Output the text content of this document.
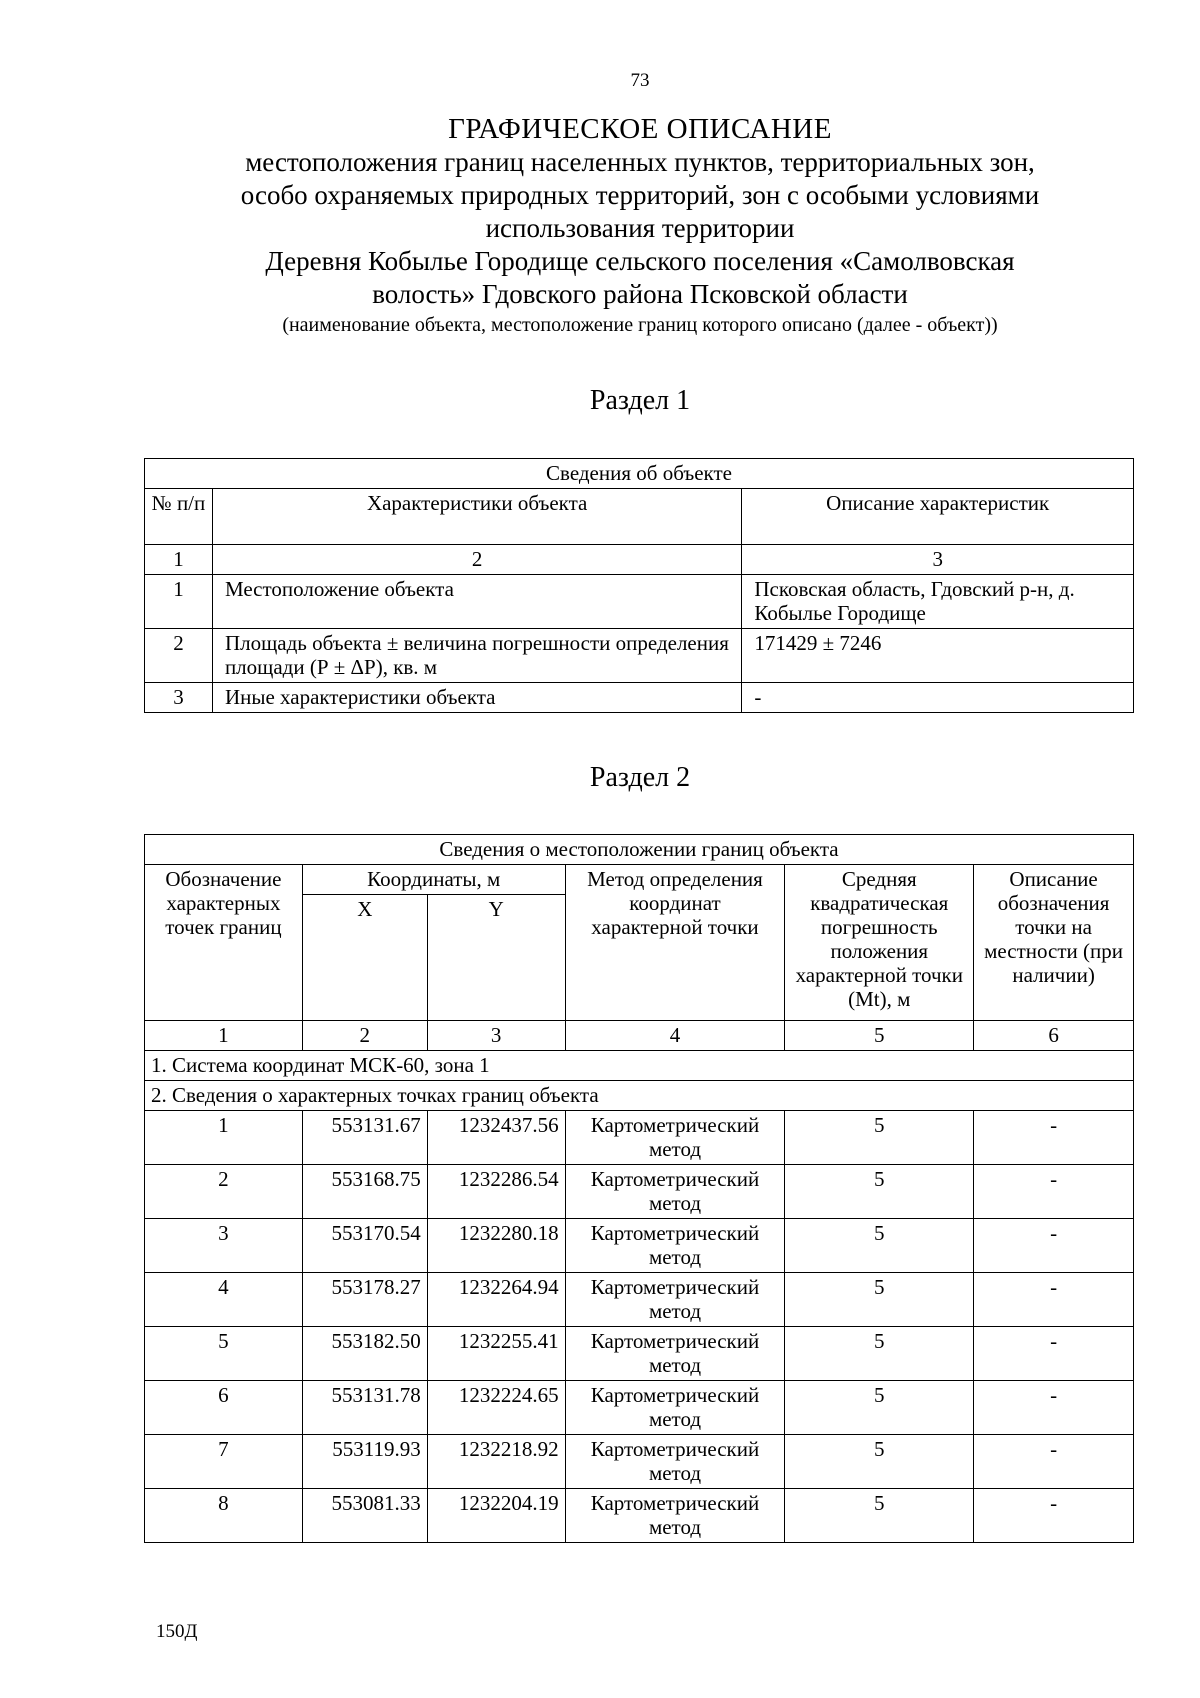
73
ГРАФИЧЕСКОЕ ОПИСАНИЕ
местоположения границ населенных пунктов, территориальных зон,
особо охраняемых природных территорий, зон с особыми условиями
использования территории
Деревня Кобылье Городище сельского поселения «Самолвовская
волость» Гдовского района Псковской области
(наименование объекта, местоположение границ которого описано (далее - объект))
Раздел 1
Сведения об объекте		
№ п/п	Характеристики объекта	Описание характеристик
1	2	3
1	Местоположение объекта	Псковская область, Гдовский р-н, д. Кобылье Городище
2	Площадь объекта ± величина погрешности определения площади (Р ± ΔР), кв. м	171429 ± 7246
3	Иные характеристики объекта	-
Раздел 2
Сведения о местоположении границ объекта					
Обозначение характерных точек границ	Координаты, м		Метод определения координат характерной точки	Средняя квадратическая погрешность положения характерной точки (Мt), м	Описание обозначения точки на местности (при наличии)
	X	Y			
1	2	3	4	5	6
1. Система координат МСК-60, зона 1					
2. Сведения о характерных точках границ объекта					
1	553131.67	1232437.56	Картометрический метод	5	-
2	553168.75	1232286.54	Картометрический метод	5	-
3	553170.54	1232280.18	Картометрический метод	5	-
4	553178.27	1232264.94	Картометрический метод	5	-
5	553182.50	1232255.41	Картометрический метод	5	-
6	553131.78	1232224.65	Картометрический метод	5	-
7	553119.93	1232218.92	Картометрический метод	5	-
8	553081.33	1232204.19	Картометрический метод	5	-
150Д
